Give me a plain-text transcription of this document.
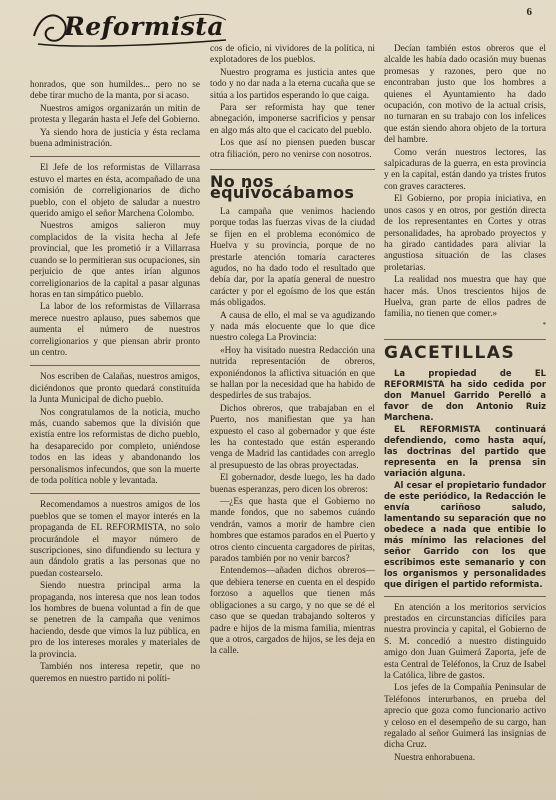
Reformista	6

honrados, que son humildes... pero no se debe tirar mucho de la manta, por si acaso.

Nuestros amigos organizarán un mitin de protesta y llegarán hasta el Jefe del Gobierno.

Ya siendo hora de justicia y ésta reclama buena administración.

El Jefe de los reformistas de Villarrasa estuvo el martes en ésta, acompañado de una comisión de correligionarios de dicho pueblo, con el objeto de saludar a nuestro querido amigo el señor Marchena Colombo.

Nuestros amigos salieron muy complacidos de la visita hecha al Jefe provincial, que les prometió ir a Villarrasa cuando se lo permitieran sus ocupaciones, sin perjuicio de que antes irían algunos correligionarios de la capital a pasar algunas horas en tan simpático pueblo.

La labor de los reformistas de Villarrasa merece nuestro aplauso, pues sabemos que aumenta el número de nuestros correligionarios y que piensan abrir pronto un centro.

Nos escriben de Calañas, nuestros amigos, diciéndonos que pronto quedará constituída la Junta Municipal de dicho pueblo.

Nos congratulamos de la noticia, mucho más, cuando sabemos que la división que existía entre los reformistas de dicho pueblo, ha desaparecido por completo, uniéndose todos en las ideas y abandonando los personalismos infecundos, que son la muerte de toda política noble y levantada.

Recomendamos a nuestros amigos de los pueblos que se tomen el mayor interés en la propaganda de EL REFORMISTA, no solo procurándole el mayor número de suscripciones, sino difundiendo su lectura y aun dándolo gratis a las personas que no puedan costearselo.

Siendo nuestra principal arma la propaganda, nos interesa que nos lean todos los hombres de buena voluntad a fin de que se penetren de la campaña que venimos haciendo, desde que vimos la luz pública, en pro de los intereses morales y materiales de la provincia.

También nos interesa repetir, que no queremos en nuestro partido ni políti-

cos de oficio, ni vividores de la política, ni explotadores de los pueblos.

Nuestro programa es justicia antes que todo y no dar nada a la eterna cucaña que se sitúa a los partidos esperando lo que caiga.

Para ser reformista hay que tener abnegación, imponerse sacrificios y pensar en algo más alto que el cacicato del pueblo.

Los que así no piensen pueden buscar otra filiación, pero no venirse con nosotros.

No nos equivocábamos

La campaña que venimos haciendo porque todas las fuerzas vivas de la ciudad se fijen en el problema económico de Huelva y su provincia, porque de no prestarle atención tomaría caracteres agudos, no ha dado todo el resultado que debía dar, por la apatía general de nuestro carácter y por el egoísmo de los que están más obligados.

A causa de ello, el mal se va agudizando y nada más elocuente que lo que dice nuestro colega La Provincia:

«Hoy ha visitado nuestra Redacción una nutrida representación de obreros, exponiéndonos la aflictiva situación en que se hallan por la necesidad que ha habido de despedirles de sus trabajos.

Dichos obreros, que trabajaban en el Puerto, nos manifiestan que ya han expuesto el caso al gobernador y que éste les ha contestado que están esperando venga de Madrid las cantidades con arreglo al presupuesto de las obras proyectadas.

El gobernador, desde luego, les ha dado buenas esperanzas, pero dicen los obreros:

—¿Es que hasta que el Gobierno no mande fondos, que no sabemos cuándo vendrán, vamos a morir de hambre cien hombres que estamos parados en el Puerto y otros ciento cincuenta cargadores de piritas, parados también por no venir barcos?

Entendemos—añaden dichos obreros—que debiera tenerse en cuenta en el despido forzoso a aquellos que tienen más obligaciones a su cargo, y no que se dé el caso que se quedan trabajando solteros y padre e hijos de la misma familia, mientras que a otros, cargados de hijos, se les deja en la calle.

Decían también estos obreros que el alcalde les había dado ocasión muy buenas promesas y razones, pero que no encontraban justo que los hombres a quienes el Ayuntamiento ha dado ocupación, con motivo de la actual crisis, no turnaran en su trabajo con los infelices que están siendo ahora objeto de la tortura del hambre.

Como verán nuestros lectores, las salpicaduras de la guerra, en esta provincia y en la capital, están dando ya tristes frutos con graves caracteres.

El Gobierno, por propia iniciativa, en unos casos y en otros, por gestión directa de los representantes en Cortes y otras personalidades, ha aprobado proyectos y ha girado cantidades para aliviar la angustiosa situación de las clases proletarias.

La realidad nos muestra que hay que hacer más. Unos trescientos hijos de Huelva, gran parte de ellos padres de familia, no tienen que comer.»

*
GACETILLAS

La propiedad de EL REFORMISTA ha sido cedida por don Manuel Garrido Perelló a favor de don Antonio Ruiz Marchena.

EL REFORMISTA continuará defendiendo, como hasta aquí, las doctrinas del partido que representa en la prensa sin variación alguna.

Al cesar el propietario fundador de este periódico, la Redacción le envía cariñoso saludo, lamentando su separación que no obedece a nada que entibie lo más mínimo las relaciones del señor Garrido con los que escribimos este semanario y con los organismos y personalidades que dirigen el partido reformista.

En atención a los meritorios servicios prestados en circunstancias difíciles para nuestra provincia y capital, el Gobierno de S. M. concedió a nuestro distinguido amigo don Juan Guimerá Zaporta, jefe de esta Central de Teléfonos, la Cruz de Isabel la Católica, libre de gastos.

Los jefes de la Compañía Peninsular de Teléfonos interurbanos, en prueba del aprecio que goza como funcionario activo y celoso en el desempeño de su cargo, han regalado al señor Guimerá las insignias de dicha Cruz.

Nuestra enhorabuena.
